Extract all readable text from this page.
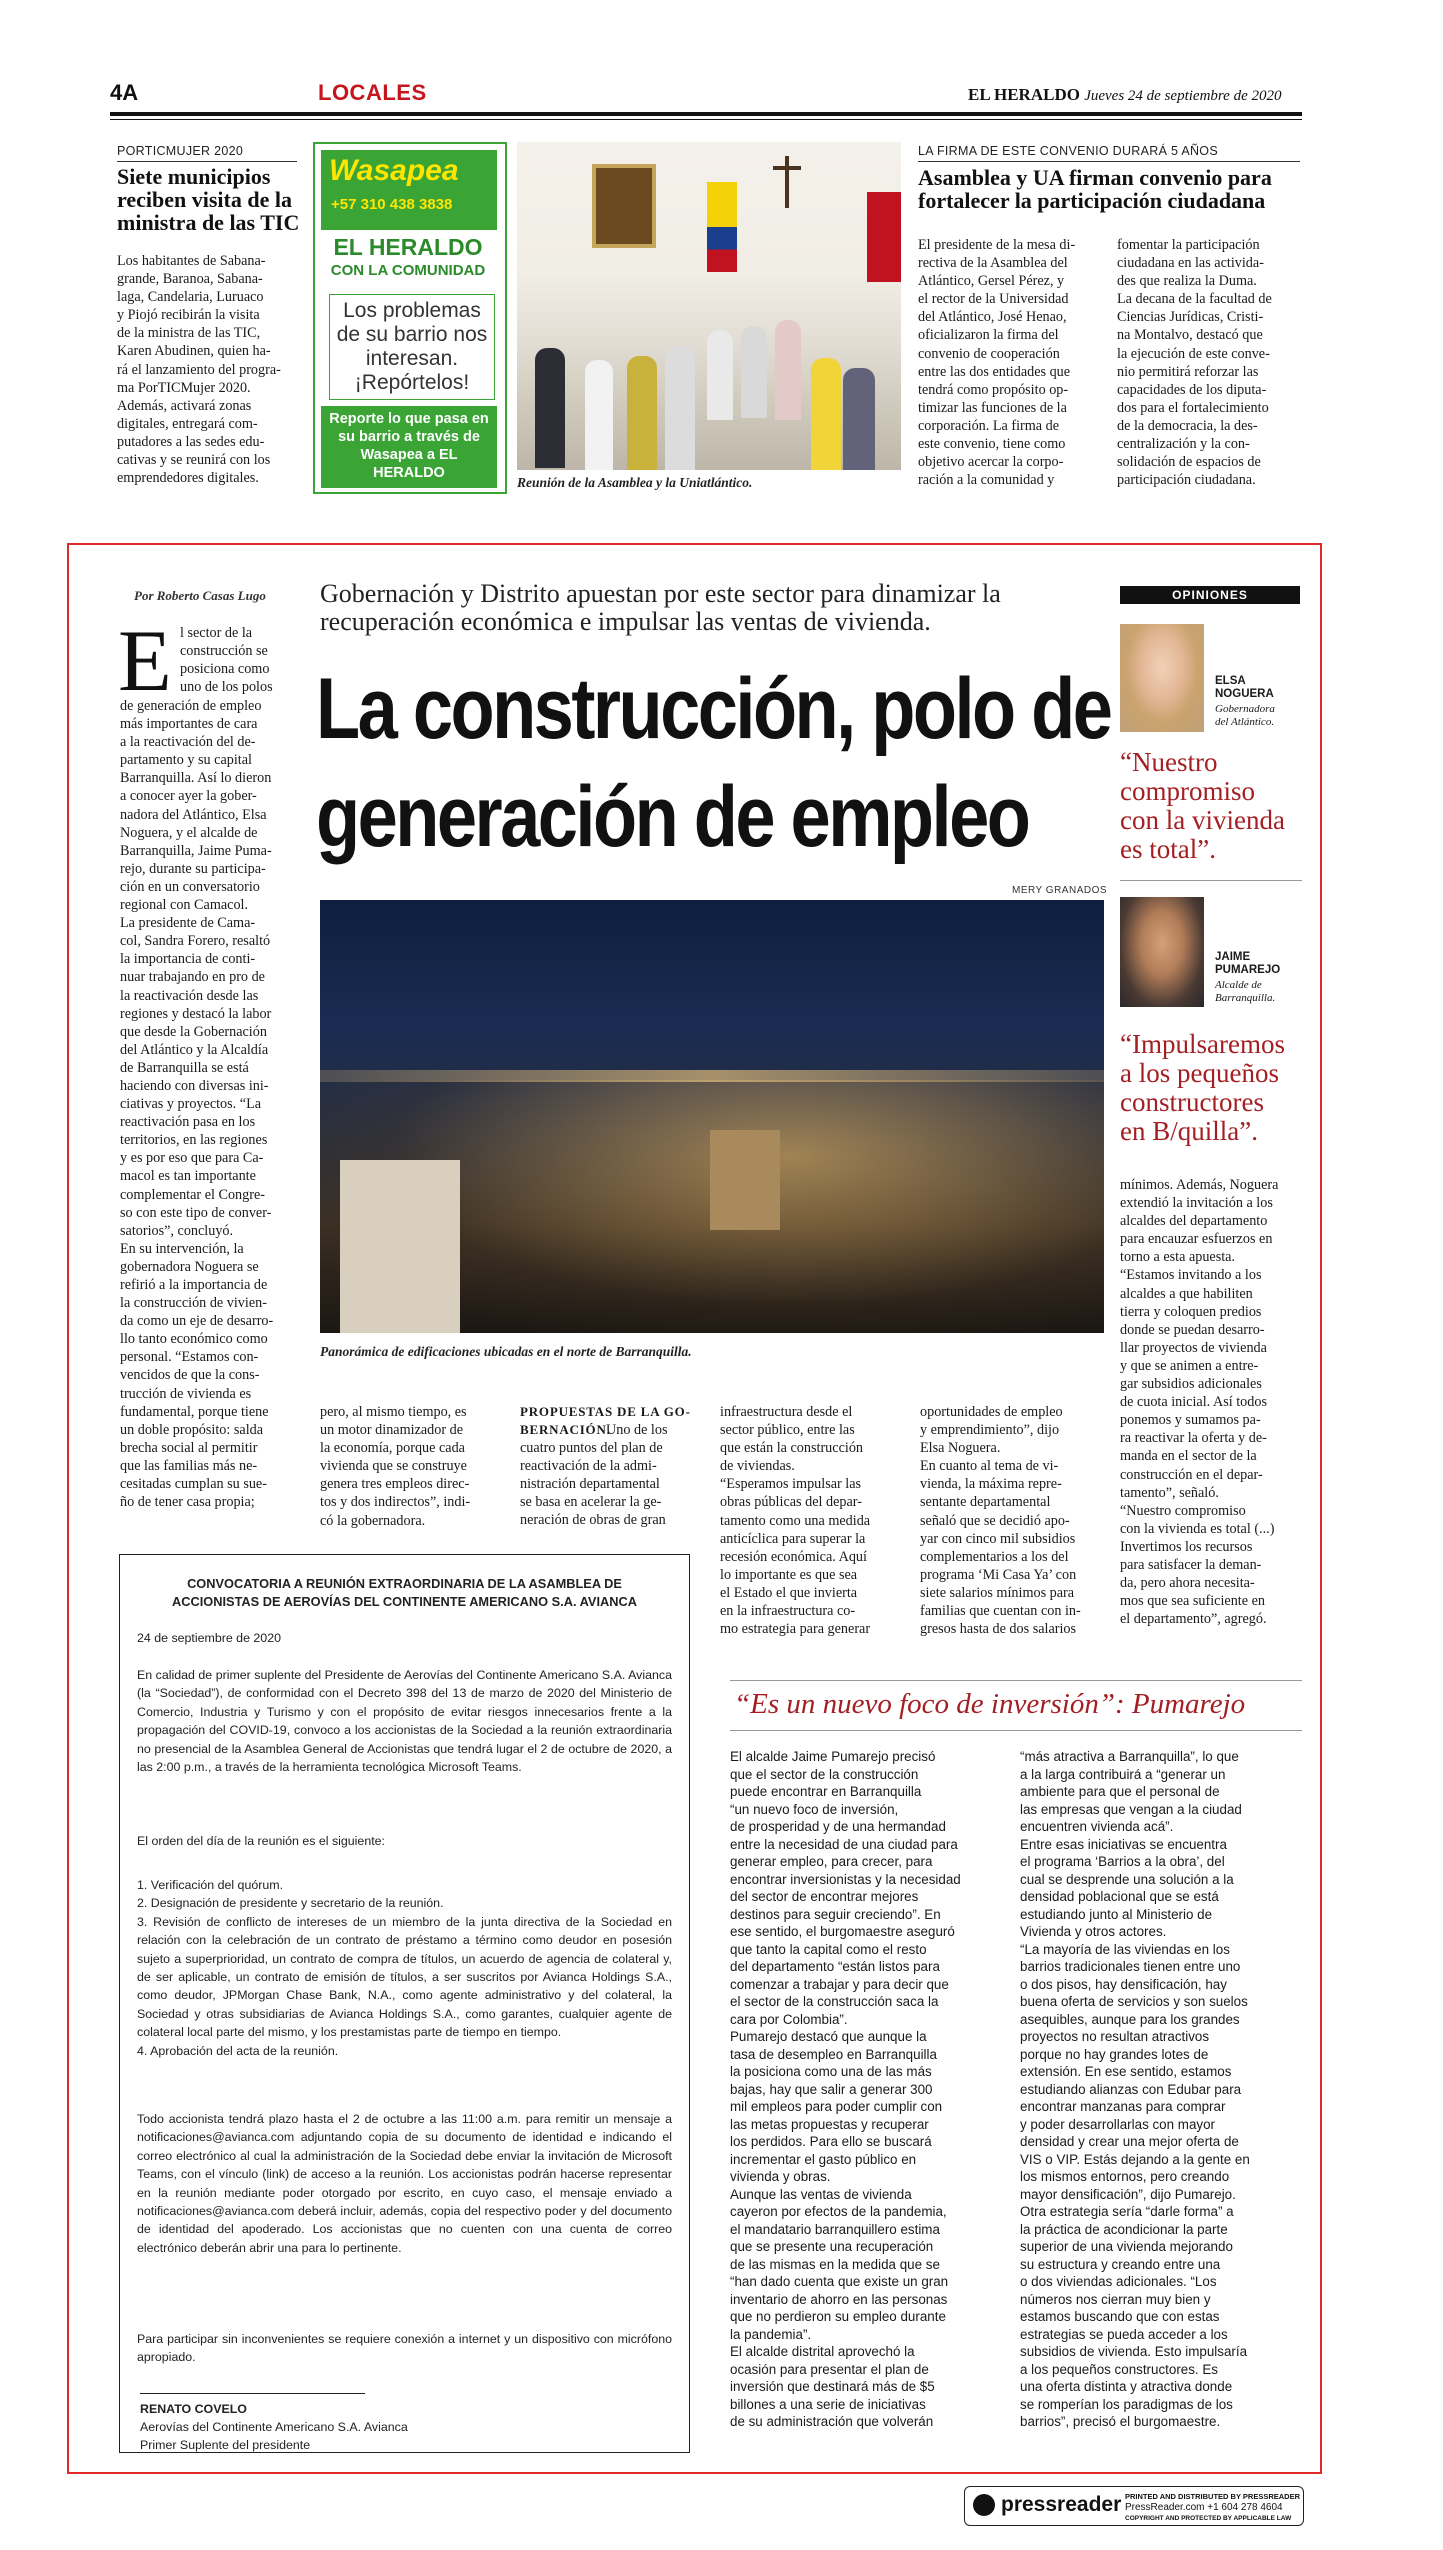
4A	LOCALES	EL HERALDO Jueves 24 de septiembre de 2020
PORTICMUJER 2020
Siete municipios reciben visita de la ministra de las TIC
Los habitantes de Sabana-
grande, Baranoa, Sabana-
laga, Candelaria, Luruaco
y Piojó recibirán la visita
de la ministra de las TIC,
Karen Abudinen, quien ha-
rá el lanzamiento del progra-
ma PorTICMujer 2020.
Además, activará zonas
digitales, entregará com-
putadores a las sedes edu-
cativas y se reunirá con los
emprendedores digitales.
Wasapea
+57 310 438 3838
EL HERALDO
CON LA COMUNIDAD
Los problemas de su barrio nos interesan. ¡Repórtelos!
Reporte lo que pasa en su barrio a través de Wasapea a EL HERALDO
Reunión de la Asamblea y la Uniatlántico.
LA FIRMA DE ESTE CONVENIO DURARÁ 5 AÑOS
Asamblea y UA firman convenio para fortalecer la participación ciudadana
El presidente de la mesa di-
rectiva de la Asamblea del
Atlántico, Gersel Pérez, y
el rector de la Universidad
del Atlántico, José Henao,
oficializaron la firma del
convenio de cooperación
entre las dos entidades que
tendrá como propósito op-
timizar las funciones de la
corporación. La firma de
este convenio, tiene como
objetivo acercar la corpo-
ración a la comunidad y
fomentar la participación
ciudadana en las activida-
des que realiza la Duma.
La decana de la facultad de
Ciencias Jurídicas, Cristi-
na Montalvo, destacó que
la ejecución de este conve-
nio permitirá reforzar las
capacidades de los diputa-
dos para el fortalecimiento
de la democracia, la des-
centralización y la con-
solidación de espacios de
participación ciudadana.
Por Roberto Casas Lugo Gobernación y Distrito apuestan por este sector para dinamizar la recuperación económica e impulsar las ventas de vivienda.
La construcción, polo de
generación de empleo
MERY GRANADOS
Panorámica de edificaciones ubicadas en el norte de Barranquilla.
E l sector de la
construcción se
posiciona como
uno de los polos
de generación de empleo
más importantes de cara
a la reactivación del de-
partamento y su capital
Barranquilla. Así lo dieron
a conocer ayer la gober-
nadora del Atlántico, Elsa
Noguera, y el alcalde de
Barranquilla, Jaime Puma-
rejo, durante su participa-
ción en un conversatorio
regional con Camacol.
La presidente de Cama-
col, Sandra Forero, resaltó
la importancia de conti-
nuar trabajando en pro de
la reactivación desde las
regiones y destacó la labor
que desde la Gobernación
del Atlántico y la Alcaldía
de Barranquilla se está
haciendo con diversas ini-
ciativas y proyectos. “La
reactivación pasa en los
territorios, en las regiones
y es por eso que para Ca-
macol es tan importante
complementar el Congre-
so con este tipo de conver-
satorios”, concluyó.
En su intervención, la
gobernadora Noguera se
refirió a la importancia de
la construcción de vivien-
da como un eje de desarro-
llo tanto económico como
personal. “Estamos con-
vencidos de que la cons-
trucción de vivienda es
fundamental, porque tiene
un doble propósito: salda
brecha social al permitir
que las familias más ne-
cesitadas cumplan su sue-
ño de tener casa propia;
pero, al mismo tiempo, es
un motor dinamizador de
la economía, porque cada
vivienda que se construye
genera tres empleos direc-
tos y dos indirectos”, indi-
có la gobernadora.
PROPUESTAS DE LA GO-
BERNACIÓN.
Uno de los
cuatro puntos del plan de
reactivación de la admi-
nistración departamental
se basa en acelerar la ge-
neración de obras de gran
infraestructura desde el
sector público, entre las
que están la construcción
de viviendas.
“Esperamos impulsar las
obras públicas del depar-
tamento como una medida
anticíclica para superar la
recesión económica. Aquí
lo importante es que sea
el Estado el que invierta
en la infraestructura co-
mo estrategia para generar
oportunidades de empleo
y emprendimiento”, dijo
Elsa Noguera.
En cuanto al tema de vi-
vienda, la máxima repre-
sentante departamental
señaló que se decidió apo-
yar con cinco mil subsidios
complementarios a los del
programa ‘Mi Casa Ya’ con
siete salarios mínimos para
familias que cuentan con in-
gresos hasta de dos salarios
mínimos. Además, Noguera
extendió la invitación a los
alcaldes del departamento
para encauzar esfuerzos en
torno a esta apuesta.
“Estamos invitando a los
alcaldes a que habiliten
tierra y coloquen predios
donde se puedan desarro-
llar proyectos de vivienda
y que se animen a entre-
gar subsidios adicionales
de cuota inicial. Así todos
ponemos y sumamos pa-
ra reactivar la oferta y de-
manda en el sector de la
construcción en el depar-
tamento”, señaló.
“Nuestro compromiso
con la vivienda es total (...)
Invertimos los recursos
para satisfacer la deman-
da, pero ahora necesita-
mos que sea suficiente en
el departamento”, agregó.
OPINIONES
ELSA
NOGUERA
Gobernadora
del Atlántico.
“Nuestro
compromiso
con la vivienda
es total”.
JAIME
PUMAREJO
Alcalde de
Barranquilla.
“Impulsaremos
a los pequeños
constructores
en B/quilla”.
“Es un nuevo foco de inversión”: Pumarejo
El alcalde Jaime Pumarejo precisó
que el sector de la construcción
puede encontrar en Barranquilla
“un nuevo foco de inversión,
de prosperidad y de una hermandad
entre la necesidad de una ciudad para
generar empleo, para crecer, para
encontrar inversionistas y la necesidad
del sector de encontrar mejores
destinos para seguir creciendo”. En
ese sentido, el burgomaestre aseguró
que tanto la capital como el resto
del departamento “están listos para
comenzar a trabajar y para decir que
el sector de la construcción saca la
cara por Colombia”.
Pumarejo destacó que aunque la
tasa de desempleo en Barranquilla
la posiciona como una de las más
bajas, hay que salir a generar 300
mil empleos para poder cumplir con
las metas propuestas y recuperar
los perdidos. Para ello se buscará
incrementar el gasto público en
vivienda y obras.
Aunque las ventas de vivienda
cayeron por efectos de la pandemia,
el mandatario barranquillero estima
que se presente una recuperación
de las mismas en la medida que se
“han dado cuenta que existe un gran
inventario de ahorro en las personas
que no perdieron su empleo durante
la pandemia”.
El alcalde distrital aprovechó la
ocasión para presentar el plan de
inversión que destinará más de $5
billones a una serie de iniciativas
de su administración que volverán
“más atractiva a Barranquilla”, lo que
a la larga contribuirá a “generar un
ambiente para que el personal de
las empresas que vengan a la ciudad
encuentren vivienda acá”.
Entre esas iniciativas se encuentra
el programa ‘Barrios a la obra’, del
cual se desprende una solución a la
densidad poblacional que se está
estudiando junto al Ministerio de
Vivienda y otros actores.
“La mayoría de las viviendas en los
barrios tradicionales tienen entre uno
o dos pisos, hay densificación, hay
buena oferta de servicios y son suelos
asequibles, aunque para los grandes
proyectos no resultan atractivos
porque no hay grandes lotes de
extensión. En ese sentido, estamos
estudiando alianzas con Edubar para
encontrar manzanas para comprar
y poder desarrollarlas con mayor
densidad y crear una mejor oferta de
VIS o VIP. Estás dejando a la gente en
los mismos entornos, pero creando
mayor densificación”, dijo Pumarejo.
Otra estrategia sería “darle forma” a
la práctica de acondicionar la parte
superior de una vivienda mejorando
su estructura y creando entre una
o dos viviendas adicionales. “Los
números nos cierran muy bien y
estamos buscando que con estas
estrategias se pueda acceder a los
subsidios de vivienda. Esto impulsaría
a los pequeños constructores. Es
una oferta distinta y atractiva donde
se romperían los paradigmas de los
barrios”, precisó el burgomaestre.
CONVOCATORIA A REUNIÓN EXTRAORDINARIA DE LA ASAMBLEA DE
ACCIONISTAS DE AEROVÍAS DEL CONTINENTE AMERICANO S.A. AVIANCA
24 de septiembre de 2020
En calidad de primer suplente del Presidente de Aerovías del Continente Americano S.A. Avianca (la “Sociedad”), de conformidad con el Decreto 398 del 13 de marzo de 2020 del Ministerio de Comercio, Industria y Turismo y con el propósito de evitar riesgos innecesarios frente a la propagación del COVID-19, convoco a los accionistas de la Sociedad a la reunión extraordinaria no presencial de la Asamblea General de Accionistas que tendrá lugar el 2 de octubre de 2020, a las 2:00 p.m., a través de la herramienta tecnológica Microsoft Teams.
El orden del día de la reunión es el siguiente:
1. Verificación del quórum.
2. Designación de presidente y secretario de la reunión.
3. Revisión de conflicto de intereses de un miembro de la junta directiva de la Sociedad en relación con la celebración de un contrato de préstamo a término como deudor en posesión sujeto a superprioridad, un contrato de compra de títulos, un acuerdo de agencia de colateral y, de ser aplicable, un contrato de emisión de títulos, a ser suscritos por Avianca Holdings S.A., como deudor, JPMorgan Chase Bank, N.A., como agente administrativo y del colateral, la Sociedad y otras subsidiarias de Avianca Holdings S.A., como garantes, cualquier agente de colateral local parte del mismo, y los prestamistas parte de tiempo en tiempo.
4. Aprobación del acta de la reunión.
Todo accionista tendrá plazo hasta el 2 de octubre a las 11:00 a.m. para remitir un mensaje a notificaciones@avianca.com adjuntando copia de su documento de identidad e indicando el correo electrónico al cual la administración de la Sociedad debe enviar la invitación de Microsoft Teams, con el vínculo (link) de acceso a la reunión. Los accionistas podrán hacerse representar en la reunión mediante poder otorgado por escrito, en cuyo caso, el mensaje enviado a notificaciones@avianca.com deberá incluir, además, copia del respectivo poder y del documento de identidad del apoderado. Los accionistas que no cuenten con una cuenta de correo electrónico deberán abrir una para lo pertinente.
Para participar sin inconvenientes se requiere conexión a internet y un dispositivo con micrófono apropiado.
RENATO COVELO
Aerovías del Continente Americano S.A. Avianca
Primer Suplente del presidente
pressreader PRINTED AND DISTRIBUTED BY PRESSREADER
PressReader.com +1 604 278 4604
COPYRIGHT AND PROTECTED BY APPLICABLE LAW
